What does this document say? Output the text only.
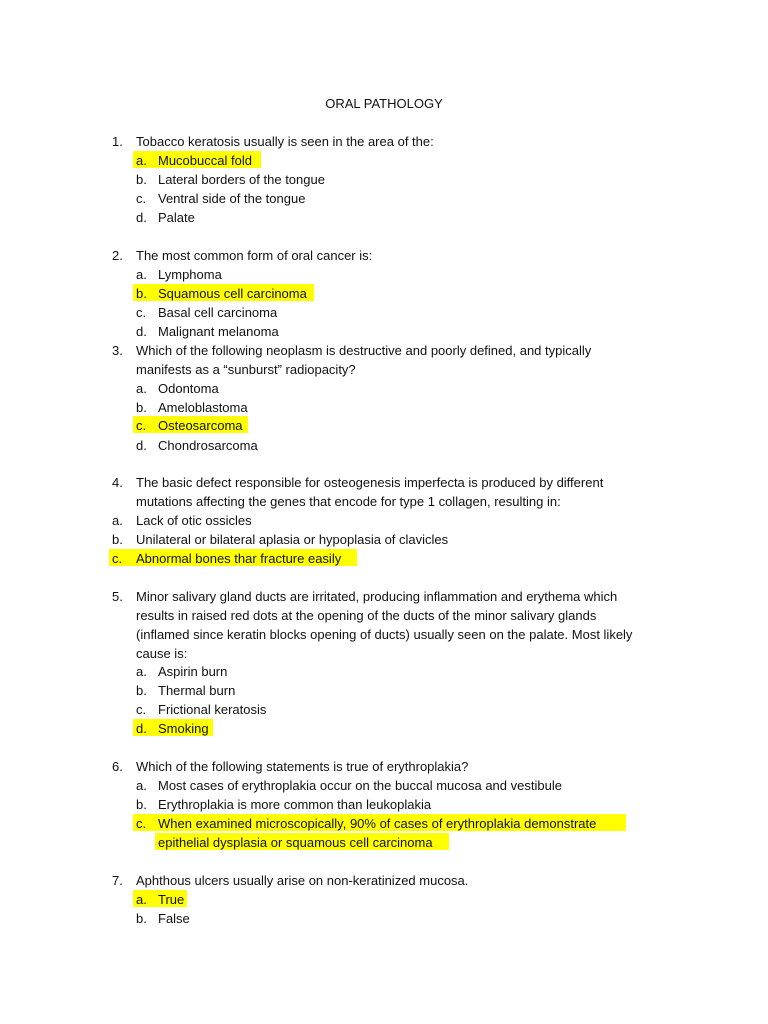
ORAL PATHOLOGY
1. Tobacco keratosis usually is seen in the area of the:
a. Mucobuccal fold
b. Lateral borders of the tongue
c. Ventral side of the tongue
d. Palate
2. The most common form of oral cancer is:
a. Lymphoma
b. Squamous cell carcinoma
c. Basal cell carcinoma
d. Malignant melanoma
3. Which of the following neoplasm is destructive and poorly defined, and typically
manifests as a “sunburst” radiopacity?
a. Odontoma
b. Ameloblastoma
c. Osteosarcoma
d. Chondrosarcoma
4. The basic defect responsible for osteogenesis imperfecta is produced by different
mutations affecting the genes that encode for type 1 collagen, resulting in:
a. Lack of otic ossicles
b. Unilateral or bilateral aplasia or hypoplasia of clavicles
c. Abnormal bones thar fracture easily
5. Minor salivary gland ducts are irritated, producing inflammation and erythema which
results in raised red dots at the opening of the ducts of the minor salivary glands
(inflamed since keratin blocks opening of ducts) usually seen on the palate. Most likely
cause is:
a. Aspirin burn
b. Thermal burn
c. Frictional keratosis
d. Smoking
6. Which of the following statements is true of erythroplakia?
a. Most cases of erythroplakia occur on the buccal mucosa and vestibule
b. Erythroplakia is more common than leukoplakia
c. When examined microscopically, 90% of cases of erythroplakia demonstrate
epithelial dysplasia or squamous cell carcinoma
7. Aphthous ulcers usually arise on non-keratinized mucosa.
a. True
b. False
